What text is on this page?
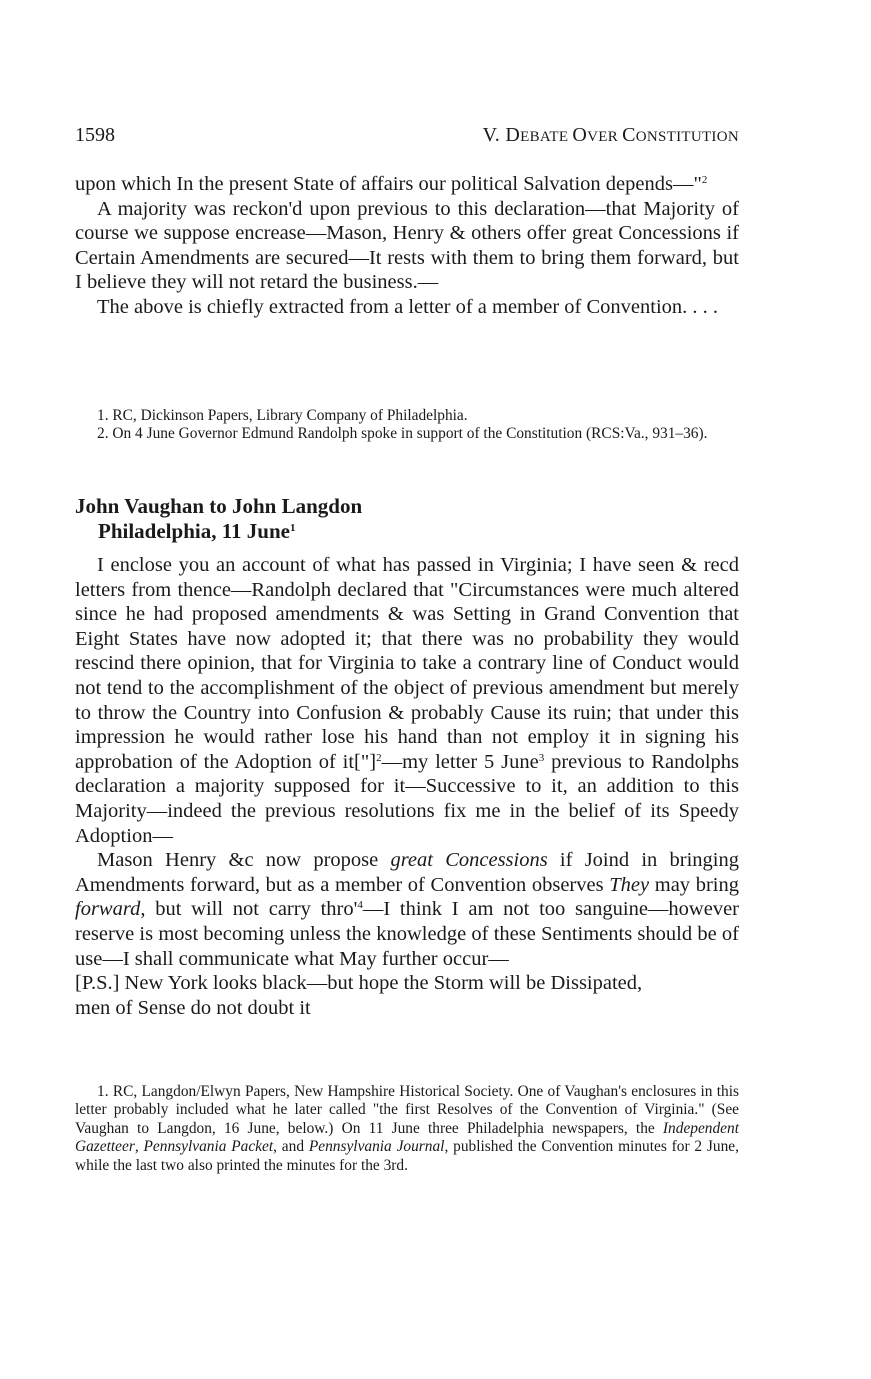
1598	V. DEBATE OVER CONSTITUTION

upon which In the present State of affairs our political Salvation depends—"$^2$

A majority was reckon'd upon previous to this declaration—that Majority of course we suppose encrease—Mason, Henry & others offer great Concessions if Certain Amendments are secured—It rests with them to bring them forward, but I believe they will not retard the business.—

The above is chiefly extracted from a letter of a member of Convention. . . .

1. RC, Dickinson Papers, Library Company of Philadelphia.

2. On 4 June Governor Edmund Randolph spoke in support of the Constitution (RCS:Va., 931–36).

John Vaughan to John Langdon
Philadelphia, 11 June$^1$

I enclose you an account of what has passed in Virginia; I have seen & recd letters from thence—Randolph declared that "Circumstances were much altered since he had proposed amendments & was Setting in Grand Convention that Eight States have now adopted it; that there was no probability they would rescind there opinion, that for Virginia to take a contrary line of Conduct would not tend to the accomplishment of the object of previous amendment but merely to throw the Country into Confusion & probably Cause its ruin; that under this impression he would rather lose his hand than not employ it in signing his approbation of the Adoption of it["]$^2$—my letter 5 June$^3$ previous to Randolphs declaration a majority supposed for it—Successive to it, an addition to this Majority—indeed the previous resolutions fix me in the belief of its Speedy Adoption—

Mason Henry &c now propose great Concessions if Joind in bringing Amendments forward, but as a member of Convention observes They may bring forward, but will not carry $thro'^4—I$ think I am not too sanguine—however reserve is most becoming unless the knowledge of these Sentiments should be of use—I shall communicate what May further occur—

[P.S.] New York looks black—but hope the Storm will be Dissipated,
men of Sense do not doubt it

1. RC, Langdon/Elwyn Papers, New Hampshire Historical Society. One of Vaughan's enclosures in this letter probably included what he later called "the first Resolves of the Convention of Virginia." (See Vaughan to Langdon, 16 June, below.) On 11 June three Philadelphia newspapers, the Independent Gazetteer, Pennsylvania Packet, and Pennsylvania Journal, published the Convention minutes for 2 June, while the last two also printed the minutes for the 3rd.
